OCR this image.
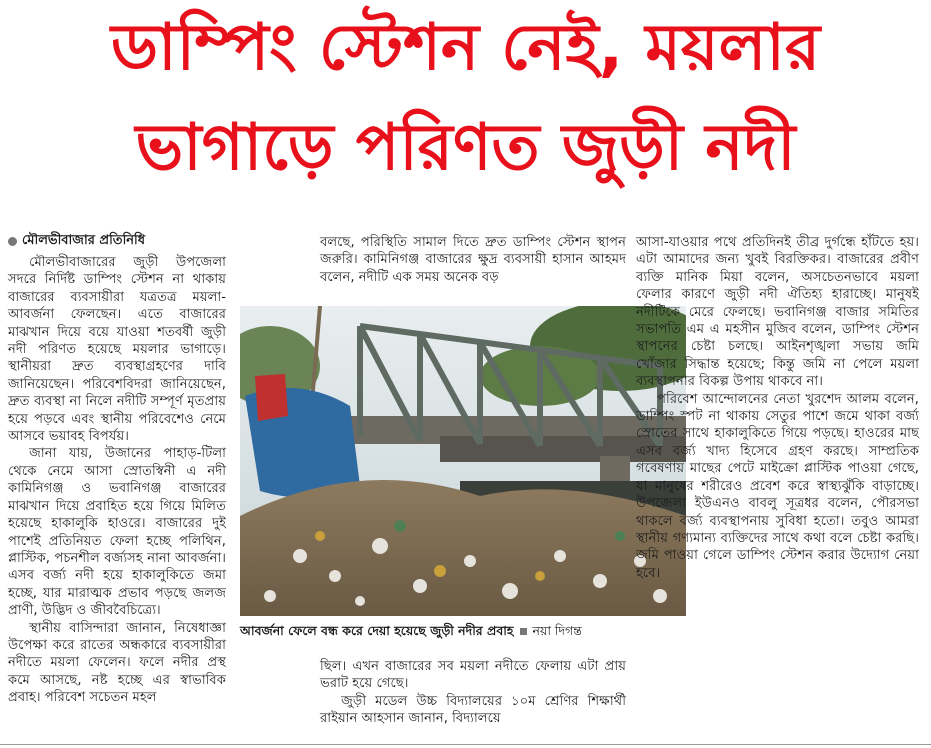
ডাম্পিং স্টেশন নেই, ময়লার
ভাগাড়ে পরিণত জুড়ী নদী
মৌলভীবাজার প্রতিনিধি

মৌলভীবাজারের জুড়ী উপজেলা সদরে নির্দিষ্ট ডাম্পিং স্টেশন না থাকায় বাজারের ব্যবসায়ীরা যত্রতত্র ময়লা-আবর্জনা ফেলছেন। এতে বাজারের মাঝখান দিয়ে বয়ে যাওয়া শতবর্ষী জুড়ী নদী পরিণত হয়েছে ময়লার ভাগাড়ে। স্থানীয়রা দ্রুত ব্যবস্থাগ্রহণের দাবি জানিয়েছেন। পরিবেশবিদরা জানিয়েছেন, দ্রুত ব্যবস্থা না নিলে নদীটি সম্পূর্ণ মৃতপ্রায় হয়ে পড়বে এবং স্থানীয় পরিবেশেও নেমে আসবে ভয়াবহ বিপর্যয়।

জানা যায়, উজানের পাহাড়-টিলা থেকে নেমে আসা স্রোতস্বিনী এ নদী কামিনিগঞ্জ ও ভবানিগঞ্জ বাজারের মাঝখান দিয়ে প্রবাহিত হয়ে গিয়ে মিলিত হয়েছে হাকালুকি হাওরে। বাজারের দুই পাশেই প্রতিনিয়ত ফেলা হচ্ছে পলিথিন, প্লাস্টিক, পচনশীল বর্জ্যসহ নানা আবর্জনা। এসব বর্জ্য নদী হয়ে হাকালুকিতে জমা হচ্ছে, যার মারাত্মক প্রভাব পড়ছে জলজ প্রাণী, উদ্ভিদ ও জীববৈচিত্র্যে।

স্থানীয় বাসিন্দারা জানান, নিষেধাজ্ঞা উপেক্ষা করে রাতের অন্ধকারে ব্যবসায়ীরা নদীতে ময়লা ফেলেন। ফলে নদীর প্রস্থ কমে আসছে, নষ্ট হচ্ছে এর স্বাভাবিক প্রবাহ। পরিবেশ সচেতন মহল

বলছে, পরিস্থিতি সামাল দিতে দ্রুত ডাম্পিং স্টেশন স্থাপন জরুরি। কামিনিগঞ্জ বাজারের ক্ষুদ্র ব্যবসায়ী হাসান আহমদ বলেন, নদীটি এক সময় অনেক বড়

আবর্জনা ফেলে বন্ধ করে দেয়া হয়েছে জুড়ী নদীর প্রবাহ নয়া দিগন্ত

ছিল। এখন বাজারের সব ময়লা নদীতে ফেলায় এটা প্রায় ভরাট হয়ে গেছে।

জুড়ী মডেল উচ্চ বিদ্যালয়ের ১০ম শ্রেণির শিক্ষার্থী রাইয়ান আহসান জানান, বিদ্যালয়ে

আসা-যাওয়ার পথে প্রতিদিনই তীব্র দুর্গন্ধে হাঁটতে হয়। এটা আমাদের জন্য খুবই বিরক্তিকর। বাজারের প্রবীণ ব্যক্তি মানিক মিয়া বলেন, অসচেতনভাবে ময়লা ফেলার কারণে জুড়ী নদী ঐতিহ্য হারাচ্ছে। মানুষই নদীটিকে মেরে ফেলছে। ভবানিগঞ্জ বাজার সমিতির সভাপতি এম এ মহসীন মুজিব বলেন, ডাম্পিং স্টেশন স্থাপনের চেষ্টা চলছে। আইনশৃঙ্খলা সভায় জমি খোঁজার সিদ্ধান্ত হয়েছে; কিন্তু জমি না পেলে ময়লা ব্যবস্থাপনার বিকল্প উপায় থাকবে না।

পরিবেশ আন্দোলনের নেতা খুরশেদ আলম বলেন, ডাম্পিং স্পট না থাকায় সেতুর পাশে জমে থাকা বর্জ্য স্রোতের সাথে হাকালুকিতে গিয়ে পড়ছে। হাওরের মাছ এসব বর্জ্য খাদ্য হিসেবে গ্রহণ করছে। সাম্প্রতিক গবেষণায় মাছের পেটে মাইক্রো প্লাস্টিক পাওয়া গেছে, যা মানুষের শরীরেও প্রবেশ করে স্বাস্থ্যঝুঁকি বাড়াচ্ছে। উপজেলা ইউএনও বাবলু সূত্রধর বলেন, পৌরসভা থাকলে বর্জ্য ব্যবস্থাপনায় সুবিধা হতো। তবুও আমরা স্থানীয় গণ্যমান্য ব্যক্তিদের সাথে কথা বলে চেষ্টা করছি। জমি পাওয়া গেলে ডাম্পিং স্টেশন করার উদ্যোগ নেয়া হবে।
